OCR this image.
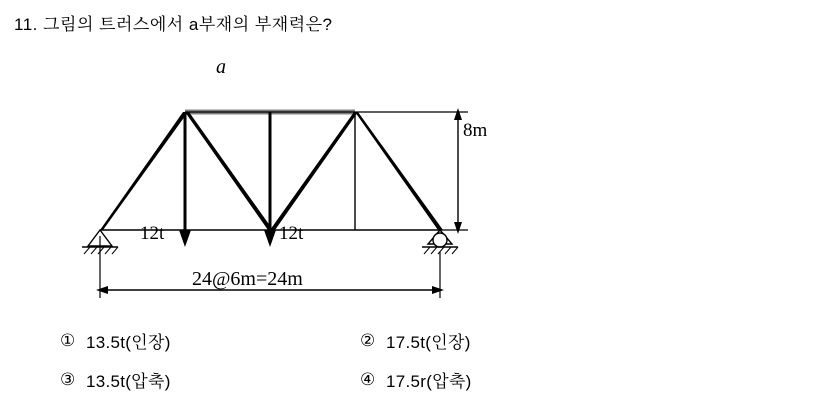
11. 그림의 트러스에서 a부재의 부재력은?
a
8m
12t	12t
24@6m=24m
① 13.5t(인장)	② 17.5t(인장)
③ 13.5t(압축)	④ 17.5r(압축)
